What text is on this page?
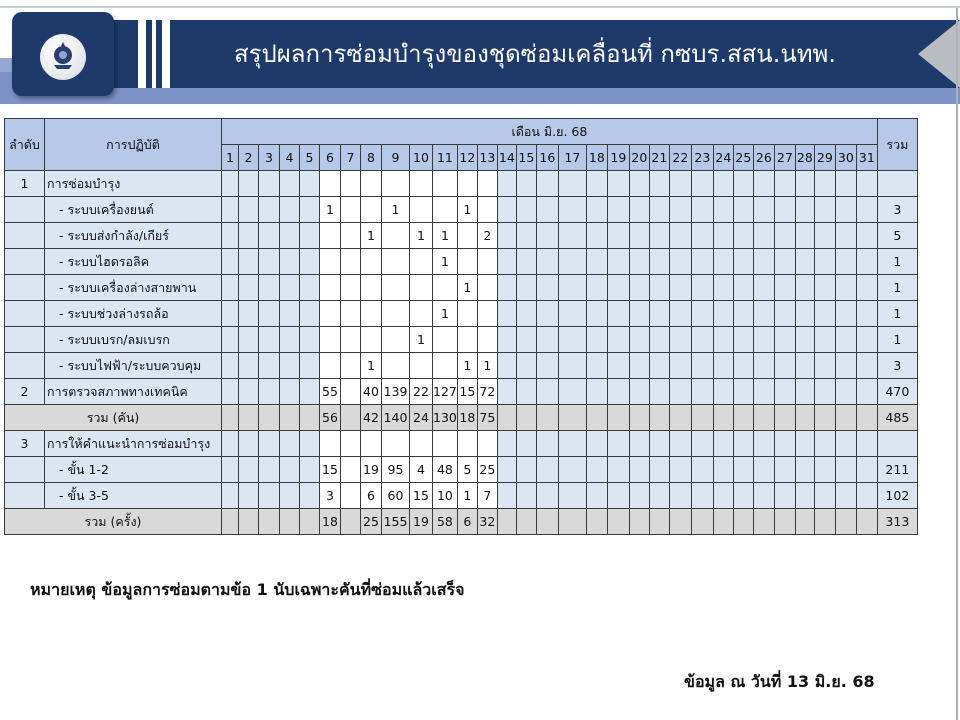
สรุปผลการซ่อมบำรุงของชุดซ่อมเคลื่อนที่ กซบร.สสน.นทพ.
ลำดับ	การปฏิบัติ	เดือน มิ.ย. 68																															รวม
		1	2	3	4	5	6	7	8	9	10	11	12	13	14	15	16	17	18	19	20	21	22	23	24	25	26	27	28	29	30	31	
1	การซ่อมบำรุง																																
	- ระบบเครื่องยนต์						1			1			1																				3
	- ระบบส่งกำลัง/เกียร์								1		1	1		2																			5
	- ระบบไฮดรอลิค											1																					1
	- ระบบเครื่องล่างสายพาน												1																				1
	- ระบบช่วงล่างรถล้อ											1																					1
	- ระบบเบรก/ลมเบรก										1																						1
	- ระบบไฟฟ้า/ระบบควบคุม								1				1	1																			3
2	การตรวจสภาพทางเทคนิค						55		40	139	22	127	15	72																			470
รวม (คัน)							56		42	140	24	130	18	75																			485
3	การให้คำแนะนำการซ่อมบำรุง																																
	- ขั้น 1-2						15		19	95	4	48	5	25																			211
	- ขั้น 3-5						3		6	60	15	10	1	7																			102
รวม (ครั้ง)							18		25	155	19	58	6	32																			313
หมายเหตุ ข้อมูลการซ่อมตามข้อ 1 นับเฉพาะคันที่ซ่อมแล้วเสร็จ
ข้อมูล ณ วันที่ 13 มิ.ย. 68
